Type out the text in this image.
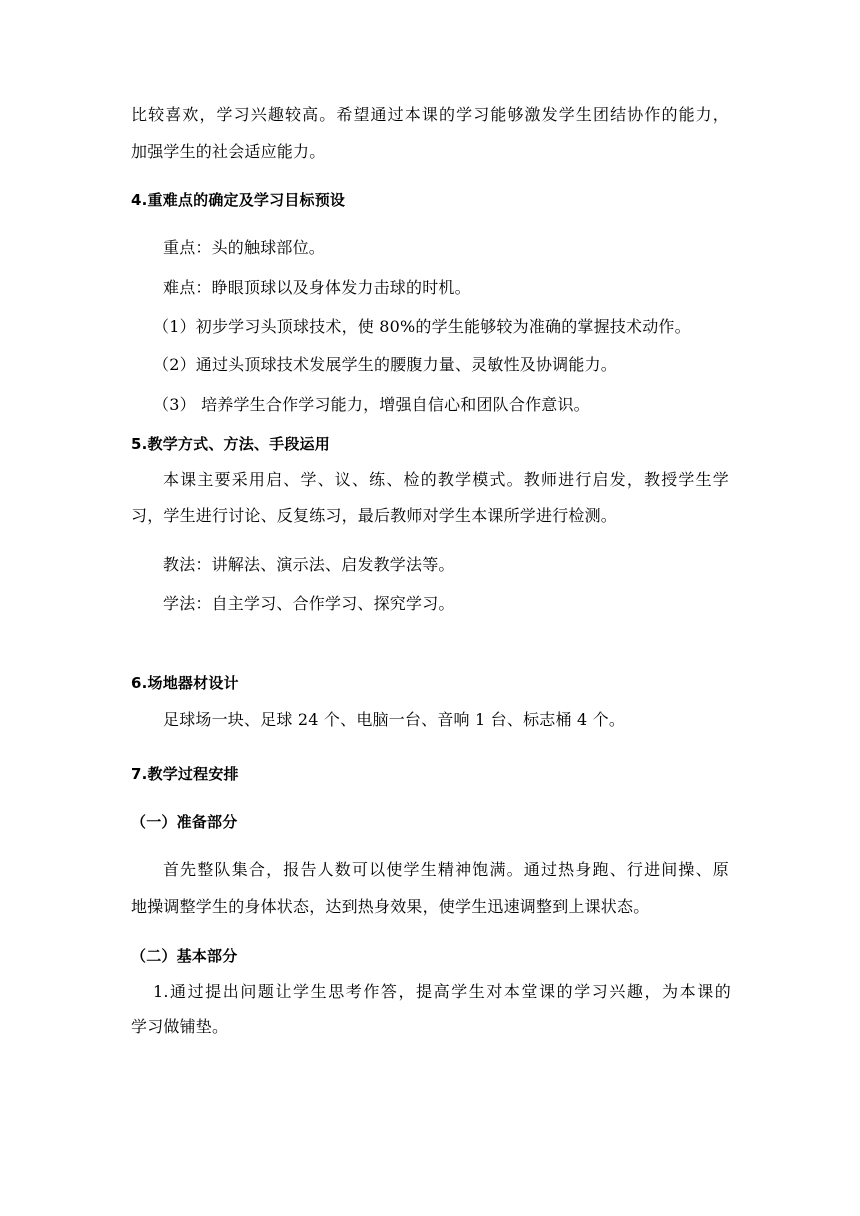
比较喜欢，学习兴趣较高。希望通过本课的学习能够激发学生团结协作的能力，
加强学生的社会适应能力。
4.重难点的确定及学习目标预设
重点：头的触球部位。
难点：睁眼顶球以及身体发力击球的时机。
（1）初步学习头顶球技术，使 80%的学生能够较为准确的掌握技术动作。
（2）通过头顶球技术发展学生的腰腹力量、灵敏性及协调能力。
（3） 培养学生合作学习能力，增强自信心和团队合作意识。
5.教学方式、方法、手段运用
本课主要采用启、学、议、练、检的教学模式。教师进行启发，教授学生学
习，学生进行讨论、反复练习，最后教师对学生本课所学进行检测。
教法：讲解法、演示法、启发教学法等。
学法：自主学习、合作学习、探究学习。
6.场地器材设计
足球场一块、足球 24 个、电脑一台、音响 1 台、标志桶 4 个。
7.教学过程安排
（一）准备部分
首先整队集合，报告人数可以使学生精神饱满。通过热身跑、行进间操、原
地操调整学生的身体状态，达到热身效果，使学生迅速调整到上课状态。
（二）基本部分
1.通过提出问题让学生思考作答，提高学生对本堂课的学习兴趣，为本课的
学习做铺垫。
